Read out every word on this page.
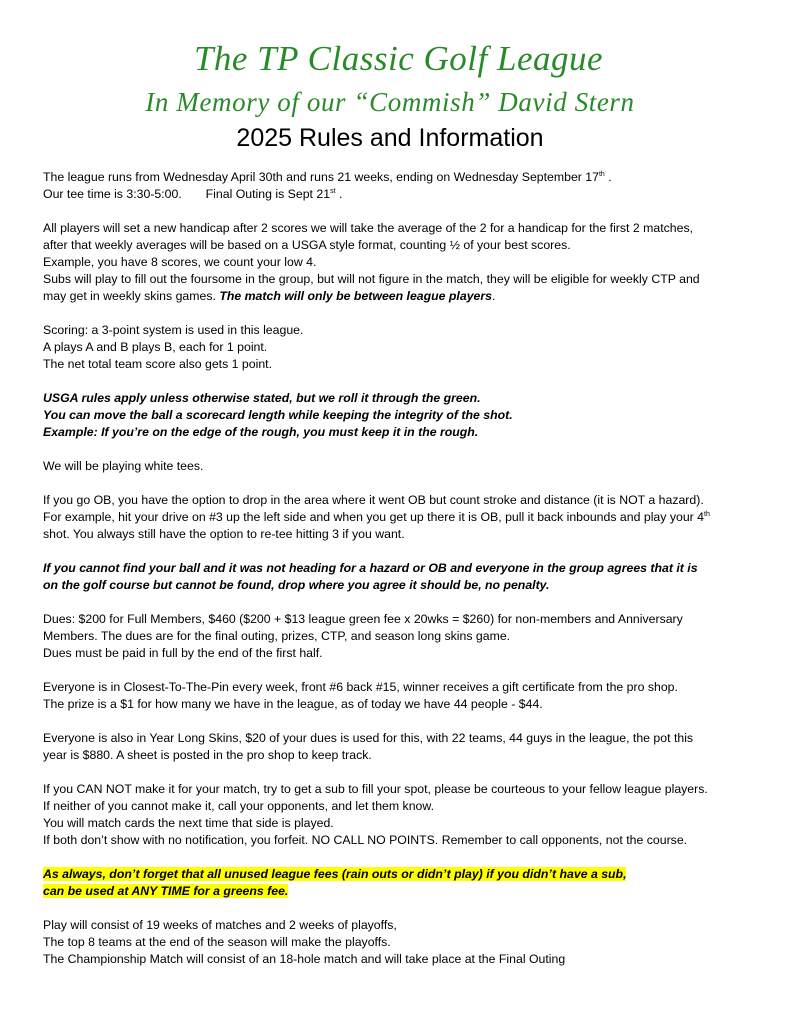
The TP Classic Golf League
In Memory of our “Commish” David Stern
2025 Rules and Information
The league runs from Wednesday April 30th and runs 21 weeks, ending on Wednesday September 17th .
Our tee time is 3:30-5:00.       Final Outing is Sept 21st .
All players will set a new handicap after 2 scores we will take the average of the 2 for a handicap for the first 2 matches,
after that weekly averages will be based on a USGA style format, counting ½ of your best scores.
Example, you have 8 scores, we count your low 4.
Subs will play to fill out the foursome in the group, but will not figure in the match, they will be eligible for weekly CTP and
may get in weekly skins games. The match will only be between league players.
Scoring: a 3-point system is used in this league.
A plays A and B plays B, each for 1 point.
The net total team score also gets 1 point.
USGA rules apply unless otherwise stated, but we roll it through the green.
You can move the ball a scorecard length while keeping the integrity of the shot.
Example: If you’re on the edge of the rough, you must keep it in the rough.
We will be playing white tees.
If you go OB, you have the option to drop in the area where it went OB but count stroke and distance (it is NOT a hazard).
For example, hit your drive on #3 up the left side and when you get up there it is OB, pull it back inbounds and play your 4th
shot. You always still have the option to re-tee hitting 3 if you want.
If you cannot find your ball and it was not heading for a hazard or OB and everyone in the group agrees that it is
on the golf course but cannot be found, drop where you agree it should be, no penalty.
Dues: $200 for Full Members, $460 ($200 + $13 league green fee x 20wks = $260) for non-members and Anniversary
Members. The dues are for the final outing, prizes, CTP, and season long skins game.
Dues must be paid in full by the end of the first half.
Everyone is in Closest-To-The-Pin every week, front #6 back #15, winner receives a gift certificate from the pro shop.
The prize is a $1 for how many we have in the league, as of today we have 44 people - $44.
Everyone is also in Year Long Skins, $20 of your dues is used for this, with 22 teams, 44 guys in the league, the pot this
year is $880. A sheet is posted in the pro shop to keep track.
If you CAN NOT make it for your match, try to get a sub to fill your spot, please be courteous to your fellow league players.
If neither of you cannot make it, call your opponents, and let them know.
You will match cards the next time that side is played.
If both don’t show with no notification, you forfeit. NO CALL NO POINTS. Remember to call opponents, not the course.
As always, don’t forget that all unused league fees (rain outs or didn’t play) if you didn’t have a sub,
can be used at ANY TIME for a greens fee.
Play will consist of 19 weeks of matches and 2 weeks of playoffs,
The top 8 teams at the end of the season will make the playoffs.
The Championship Match will consist of an 18-hole match and will take place at the Final Outing
